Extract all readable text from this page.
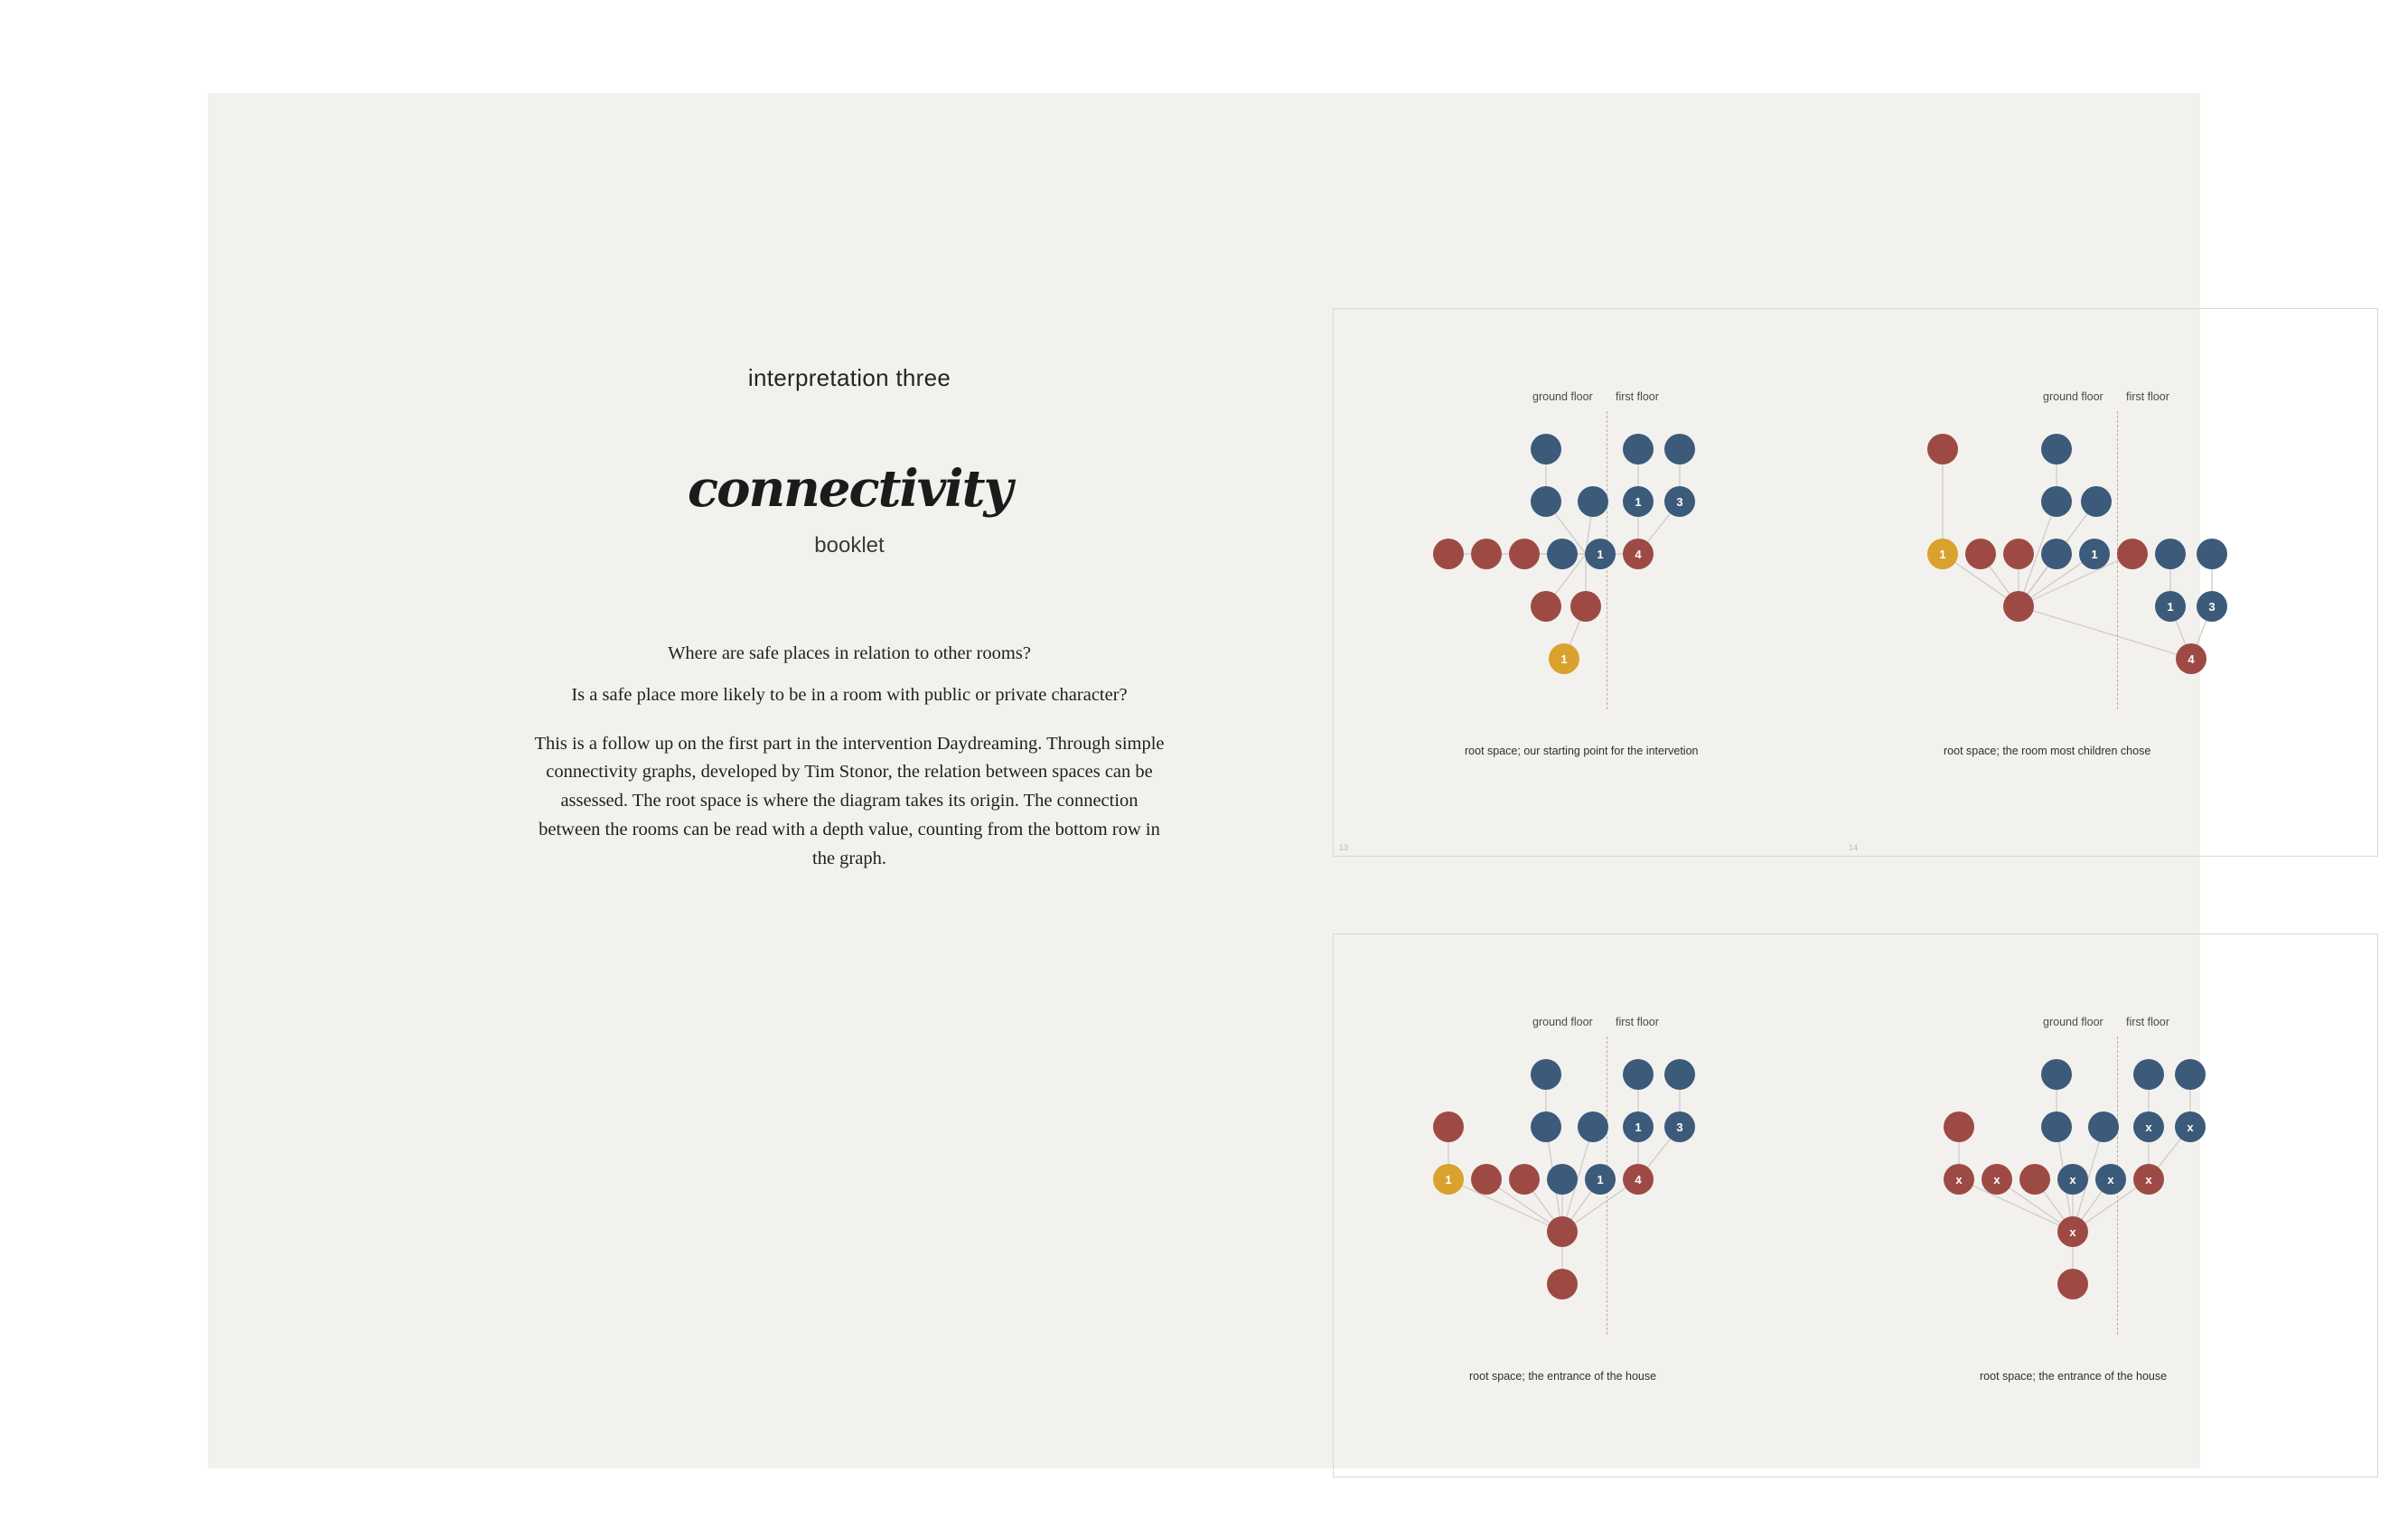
interpretation three
connectivity
booklet

Where are safe places in relation to other rooms?

Is a safe place more likely to be in a room with public or private character?

This is a follow up on the first part in the intervention Daydreaming. Through simple connectivity graphs, developed by Tim Stonor, the relation between spaces can be assessed. The root space is where the diagram takes its origin. The connection between the rooms can be read with a depth value, counting from the bottom row in the graph.

13	14
ground floor first floor
1	4
1
1	3
root space; our starting point for the intervetion
ground floor first floor
1	1
1	3
4
root space; the room most children chose
ground floor first floor
1	1	4
1	3
root space; the entrance of the house
ground floor first floor
x	x	x	x	x
x
x	x
root space; the entrance of the house
